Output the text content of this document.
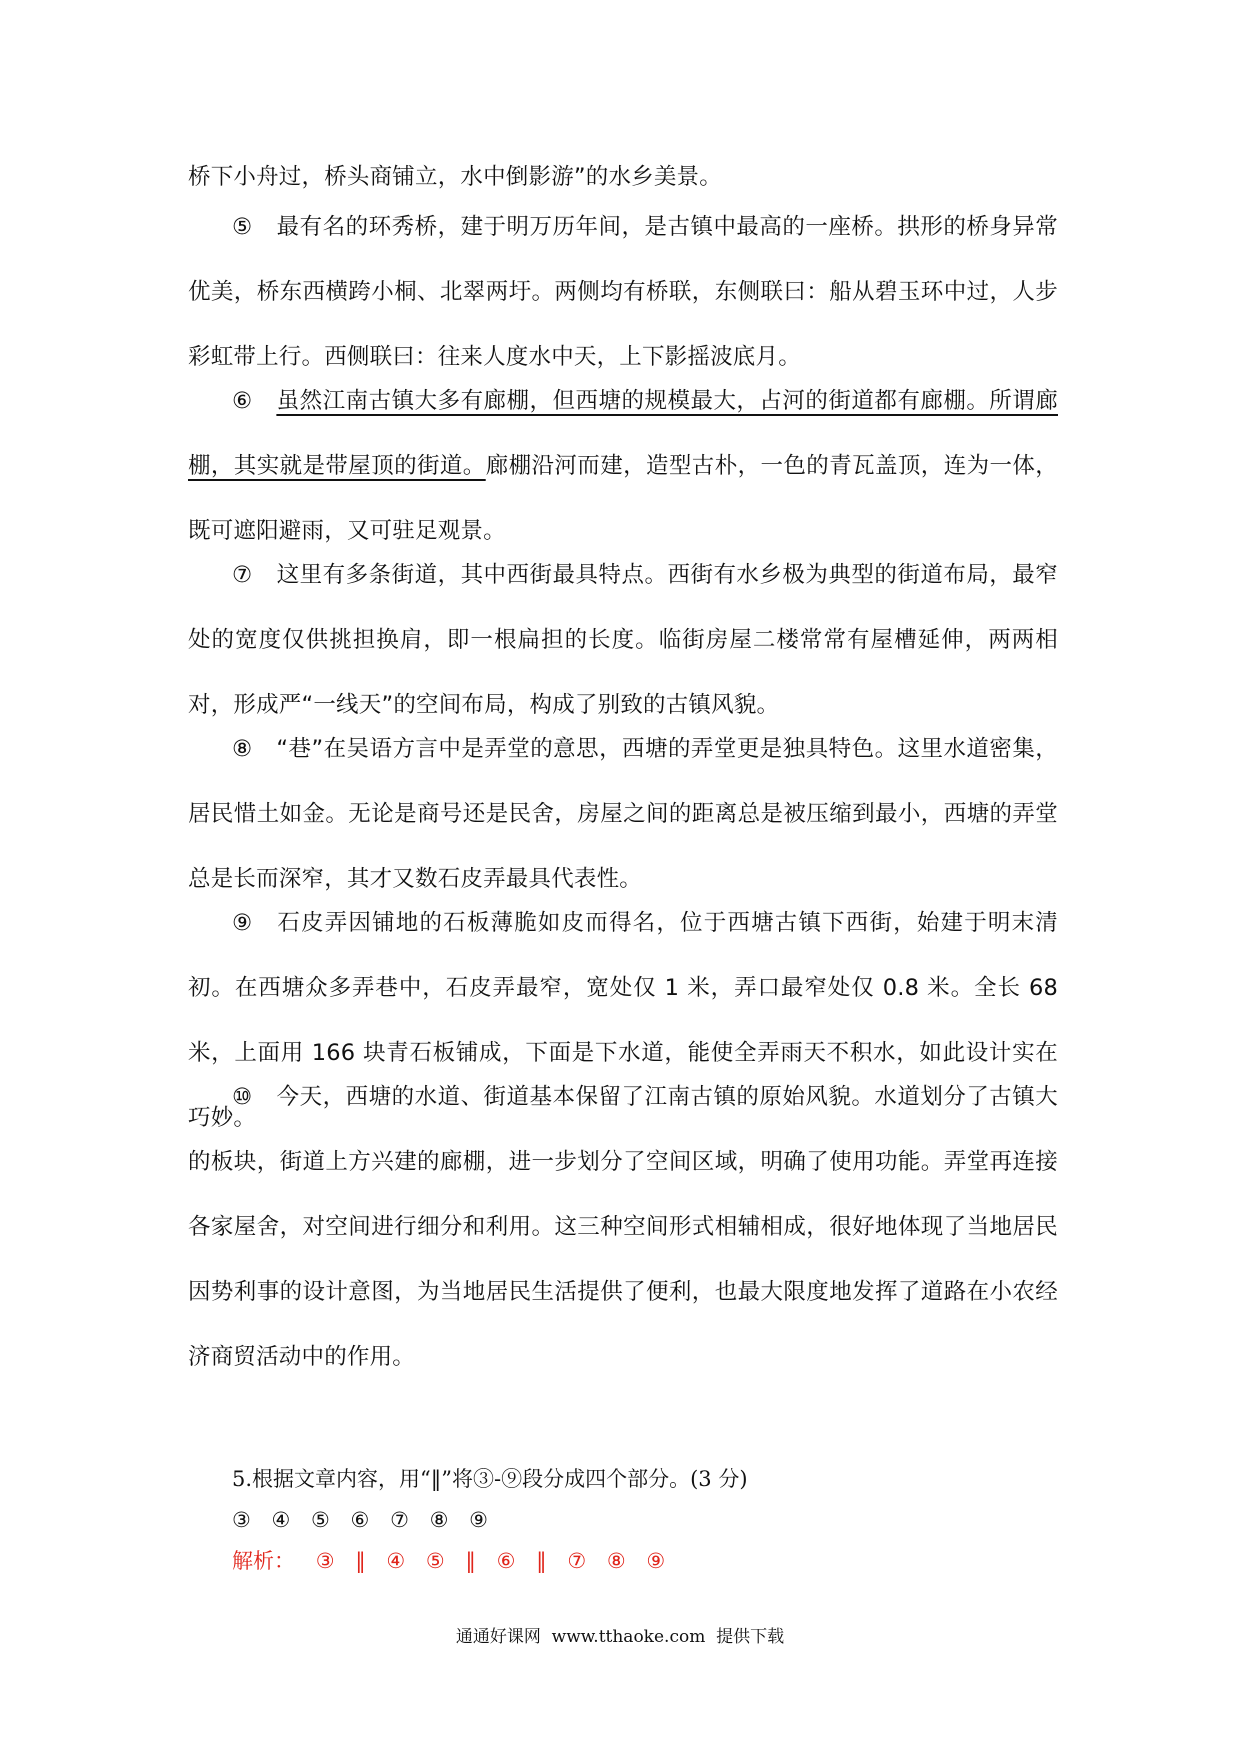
桥下小舟过，桥头商铺立，水中倒影游”的水乡美景。

⑤ 最有名的环秀桥，建于明万历年间，是古镇中最高的一座桥。拱形的桥身异常优美，桥东西横跨小桐、北翠两圩。两侧均有桥联，东侧联曰：船从碧玉环中过，人步彩虹带上行。西侧联曰：往来人度水中天，上下影摇波底月。

⑥ 虽然江南古镇大多有廊棚，但西塘的规模最大，占河的街道都有廊棚。所谓廊棚，其实就是带屋顶的街道。廊棚沿河而建，造型古朴，一色的青瓦盖顶，连为一体，既可遮阳避雨，又可驻足观景。

⑦ 这里有多条街道，其中西街最具特点。西街有水乡极为典型的街道布局，最窄处的宽度仅供挑担换肩，即一根扁担的长度。临街房屋二楼常常有屋槽延伸，两两相对，形成严“一线天”的空间布局，构成了别致的古镇风貌。

⑧ “巷”在吴语方言中是弄堂的意思，西塘的弄堂更是独具特色。这里水道密集，居民惜土如金。无论是商号还是民舍，房屋之间的距离总是被压缩到最小，西塘的弄堂总是长而深窄，其才又数石皮弄最具代表性。

⑨ 石皮弄因铺地的石板薄脆如皮而得名，位于西塘古镇下西街，始建于明末清初。在西塘众多弄巷中，石皮弄最窄，宽处仅 1 米，弄口最窄处仅 0.8 米。全长 68 米，上面用 166 块青石板铺成，下面是下水道，能使全弄雨天不积水，如此设计实在巧妙。

⑩ 今天，西塘的水道、街道基本保留了江南古镇的原始风貌。水道划分了古镇大的板块，街道上方兴建的廊棚，进一步划分了空间区域，明确了使用功能。弄堂再连接各家屋舍，对空间进行细分和利用。这三种空间形式相辅相成，很好地体现了当地居民因势利事的设计意图，为当地居民生活提供了便利，也最大限度地发挥了道路在小农经济商贸活动中的作用。

5.根据文章内容，用“‖”将③-⑨段分成四个部分。(3 分)
③ ④ ⑤ ⑥ ⑦ ⑧ ⑨
解析： ③ ‖ ④ ⑤ ‖ ⑥ ‖ ⑦ ⑧ ⑨
通通好课网 www.tthaoke.com 提供下载
